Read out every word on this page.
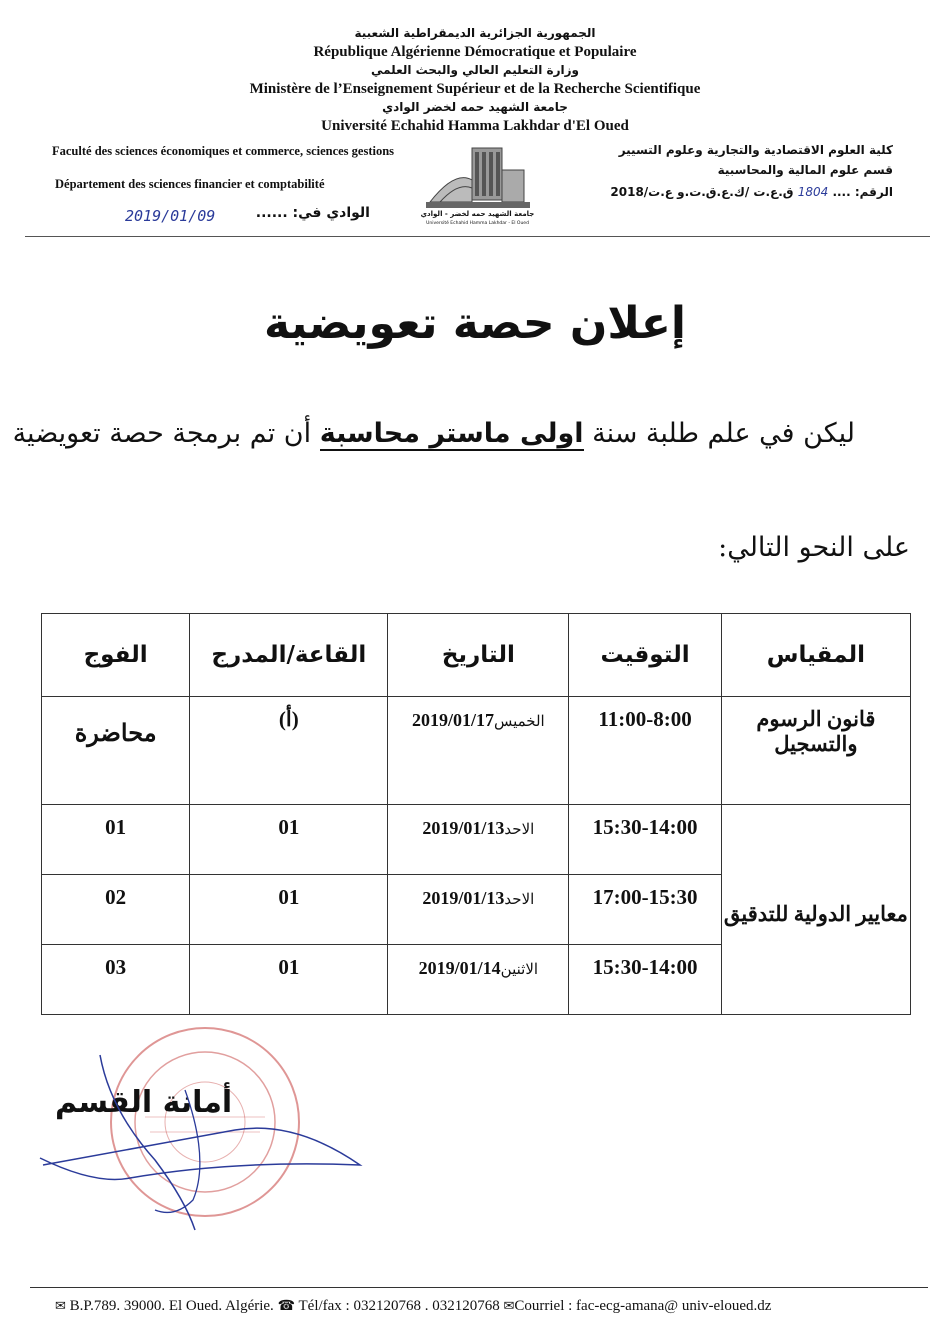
الجمهورية الجزائرية الديمقراطية الشعبية
République Algérienne Démocratique et Populaire
وزارة التعليم العالي والبحث العلمي
Ministère de l’Enseignement Supérieur et de la Recherche Scientifique
جامعة الشهيد حمه لخضر الوادي
Université Echahid Hamma Lakhdar d'El Oued
Faculté des sciences économiques et commerce, sciences gestions
Département des sciences financier et comptabilité
الوادي في: ......
2019/01/09	جامعة الشهيد حمه لخضر - الوادي
Université Echahid Hamma Lakhdar - El Oued
كلية العلوم الاقتصادية والتجارية وعلوم التسيير
قسم علوم المالية والمحاسبية
الرقم: .... 1804 ق.ع.ت /ك.ع.ق.ت.و ع.ت/2018
إعلان حصة تعويضية
ليكن في علم طلبة سنة اولى ماستر محاسبة أن تم برمجة حصة تعويضية
على النحو التالي:
المقياس	التوقيت	التاريخ	القاعة/المدرج	الفوج
قانون الرسوم والتسجيل	11:00-8:00	الخميس2019/01/17	(أ)	محاضرة
معايير الدولية للتدقيق	15:30-14:00	الاحد2019/01/13	01	01
	17:00-15:30	الاحد2019/01/13	01	02
	15:30-14:00	الاثنين2019/01/14	01	03
أمانة القسم
✉ B.P.789. 39000. El Oued. Algérie. ☎ Tél/fax : 032120768 . 032120768 ✉Courriel : fac-ecg-amana@ univ-eloued.dz
